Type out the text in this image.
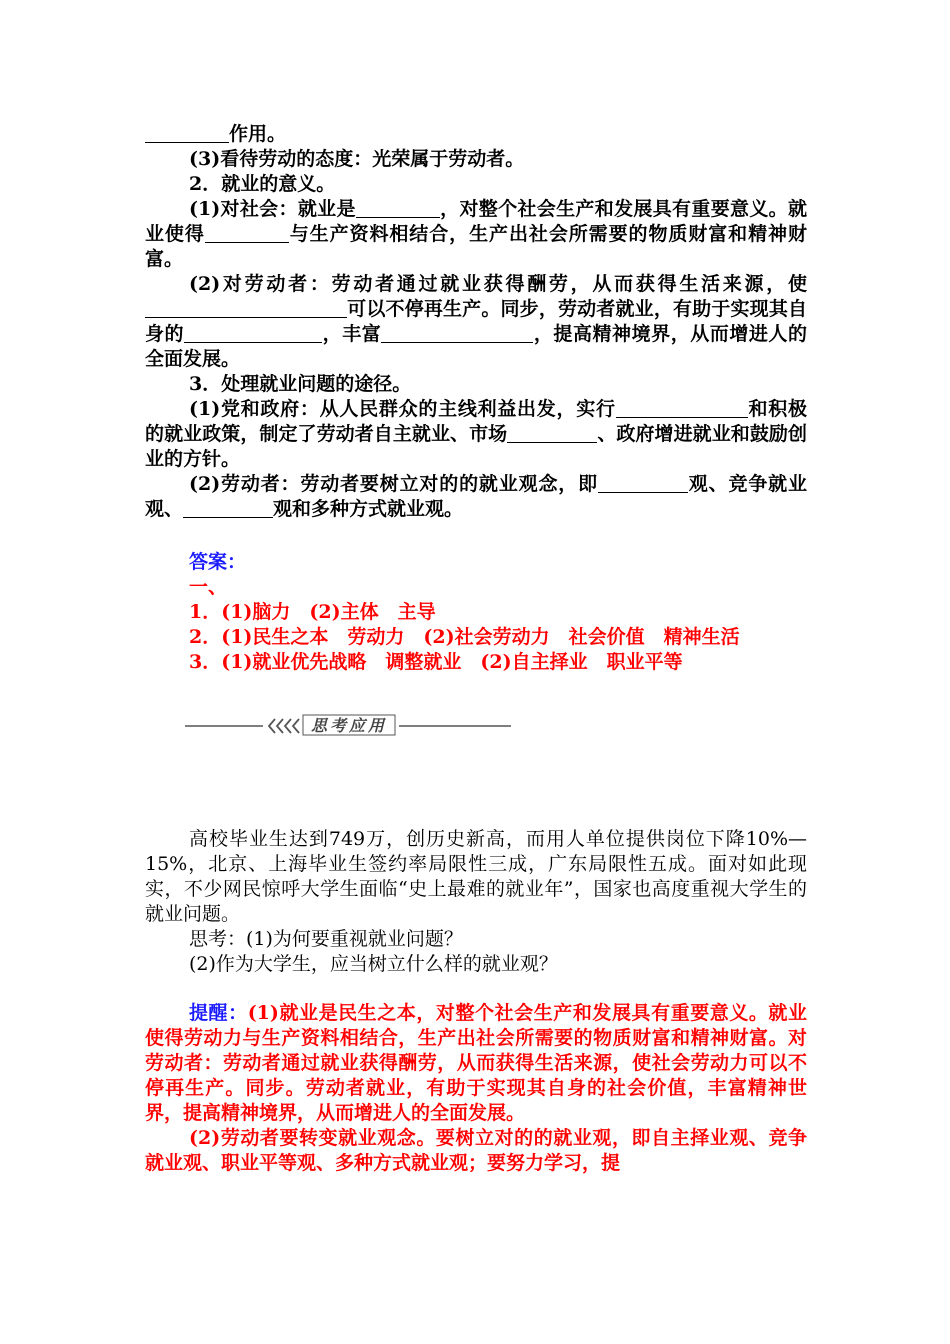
作用。

(3)看待劳动的态度：光荣属于劳动者。

2．就业的意义。

(1)对社会：就业是	，对整个社会生产和发展具有重要意义。就业使得	与生产资料相结合，生产出社会所需要的物质财富和精神财富。

(2)对劳动者：劳动者通过就业获得酬劳，从而获得生活来源，使可以不停再生产。同步，劳动者就业，有助于实现其自身的	，丰富	，提高精神境界，从而增进人的全面发展。

3．处理就业问题的途径。

(1)党和政府：从人民群众的主线利益出发，实行	和积极的就业政策，制定了劳动者自主就业、市场	、政府增进就业和鼓励创业的方针。

(2)劳动者：劳动者要树立对的的就业观念，即	观、竞争就业观、	观和多种方式就业观。

答案：

一、

1．(1)脑力　(2)主体　主导

2．(1)民生之本　劳动力　(2)社会劳动力　社会价值　精神生活

3．(1)就业优先战略　调整就业　(2)自主择业　职业平等

思考应用

高校毕业生达到749万，创历史新高，而用人单位提供岗位下降10%—15%，北京、上海毕业生签约率局限性三成，广东局限性五成。面对如此现实，不少网民惊呼大学生面临“史上最难的就业年”，国家也高度重视大学生的就业问题。

思考：(1)为何要重视就业问题？

(2)作为大学生，应当树立什么样的就业观？

提醒：(1)就业是民生之本，对整个社会生产和发展具有重要意义。就业使得劳动力与生产资料相结合，生产出社会所需要的物质财富和精神财富。对劳动者：劳动者通过就业获得酬劳，从而获得生活来源，使社会劳动力可以不停再生产。同步。劳动者就业，有助于实现其自身的社会价值，丰富精神世界，提高精神境界，从而增进人的全面发展。

(2)劳动者要转变就业观念。要树立对的的就业观，即自主择业观、竞争就业观、职业平等观、多种方式就业观；要努力学习，提
